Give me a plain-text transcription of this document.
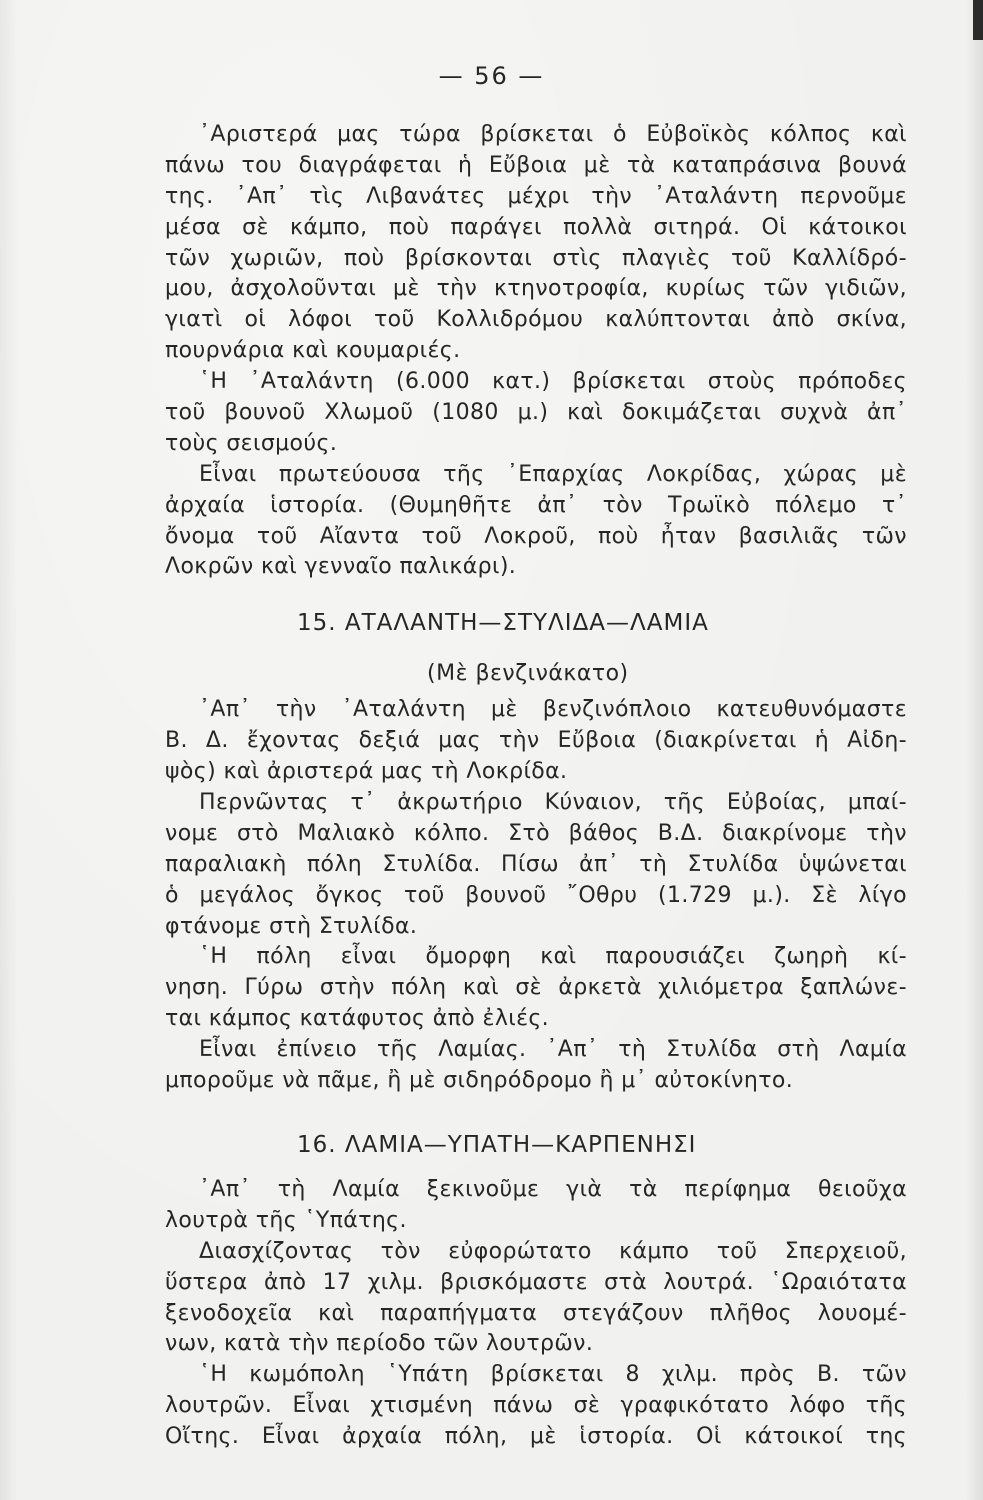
— 56 —
᾿Αριστερά μας τώρα βρίσκεται ὁ Εὐβοϊκὸς κόλπος καὶ
πάνω του διαγράφεται ἡ Εὔβοια μὲ τὰ καταπράσινα βουνά
της. ᾿Απ᾿ τὶς Λιβανάτες μέχρι τὴν ᾿Αταλάντη περνοῦμε
μέσα σὲ κάμπο, ποὺ παράγει πολλὰ σιτηρά. Οἱ κάτοικοι
τῶν χωριῶν, ποὺ βρίσκονται στὶς πλαγιὲς τοῦ Καλλίδρό-
μου, ἀσχολοῦνται μὲ τὴν κτηνοτροφία, κυρίως τῶν γιδιῶν,
γιατὶ οἱ λόφοι τοῦ Κολλιδρόμου καλύπτονται ἀπὸ σκίνα,
πουρνάρια καὶ κουμαριές.
῾Η ᾿Αταλάντη (6.000 κατ.) βρίσκεται στοὺς πρόποδες
τοῦ βουνοῦ Χλωμοῦ (1080 μ.) καὶ δοκιμάζεται συχνὰ ἀπ᾿
τοὺς σεισμούς.
Εἶναι πρωτεύουσα τῆς ᾿Επαρχίας Λοκρίδας, χώρας μὲ
ἀρχαία ἱστορία. (Θυμηθῆτε ἀπ᾿ τὸν Τρωϊκὸ πόλεμο τ᾿
ὄνομα τοῦ Αἴαντα τοῦ Λοκροῦ, ποὺ ἦταν βασιλιᾶς τῶν
Λοκρῶν καὶ γενναῖο παλικάρι).
15. ΑΤΑΛΑΝΤΗ—ΣΤΥΛΙΔΑ—ΛΑΜΙΑ
(Μὲ βενζινάκατο)
᾿Απ᾿ τὴν ᾿Αταλάντη μὲ βενζινόπλοιο κατευθυνόμαστε
Β. Δ. ἔχοντας δεξιά μας τὴν Εὔβοια (διακρίνεται ἡ Αἰδη-
ψὸς) καὶ ἀριστερά μας τὴ Λοκρίδα.
Περνῶντας τ᾿ ἀκρωτήριο Κύναιον, τῆς Εὐβοίας, μπαί-
νομε στὸ Μαλιακὸ κόλπο. Στὸ βάθος Β.Δ. διακρίνομε τὴν
παραλιακὴ πόλη Στυλίδα. Πίσω ἀπ᾿ τὴ Στυλίδα ὑψώνεται
ὁ μεγάλος ὄγκος τοῦ βουνοῦ ῎Οθρυ (1.729 μ.). Σὲ λίγο
φτάνομε στὴ Στυλίδα.
῾Η πόλη εἶναι ὄμορφη καὶ παρουσιάζει ζωηρὴ κί-
νηση. Γύρω στὴν πόλη καὶ σὲ ἀρκετὰ χιλιόμετρα ξαπλώνε-
ται κάμπος κατάφυτος ἀπὸ ἐλιές.
Εἶναι ἐπίνειο τῆς Λαμίας. ᾿Απ᾿ τὴ Στυλίδα στὴ Λαμία
μποροῦμε νὰ πᾶμε, ἢ μὲ σιδηρόδρομο ἢ μ᾿ αὐτοκίνητο.
16. ΛΑΜΙΑ—ΥΠΑΤΗ—ΚΑΡΠΕΝΗΣΙ
᾿Απ᾿ τὴ Λαμία ξεκινοῦμε γιὰ τὰ περίφημα θειοῦχα
λουτρὰ τῆς ῾Υπάτης.
Διασχίζοντας τὸν εὐφορώτατο κάμπο τοῦ Σπερχειοῦ,
ὕστερα ἀπὸ 17 χιλμ. βρισκόμαστε στὰ λουτρά. ῾Ωραιότατα
ξενοδοχεῖα καὶ παραπήγματα στεγάζουν πλῆθος λουομέ-
νων, κατὰ τὴν περίοδο τῶν λουτρῶν.
῾Η κωμόπολη ῾Υπάτη βρίσκεται 8 χιλμ. πρὸς Β. τῶν
λουτρῶν. Εἶναι χτισμένη πάνω σὲ γραφικότατο λόφο τῆς
Οἴτης. Εἶναι ἀρχαία πόλη, μὲ ἱστορία. Οἱ κάτοικοί της
